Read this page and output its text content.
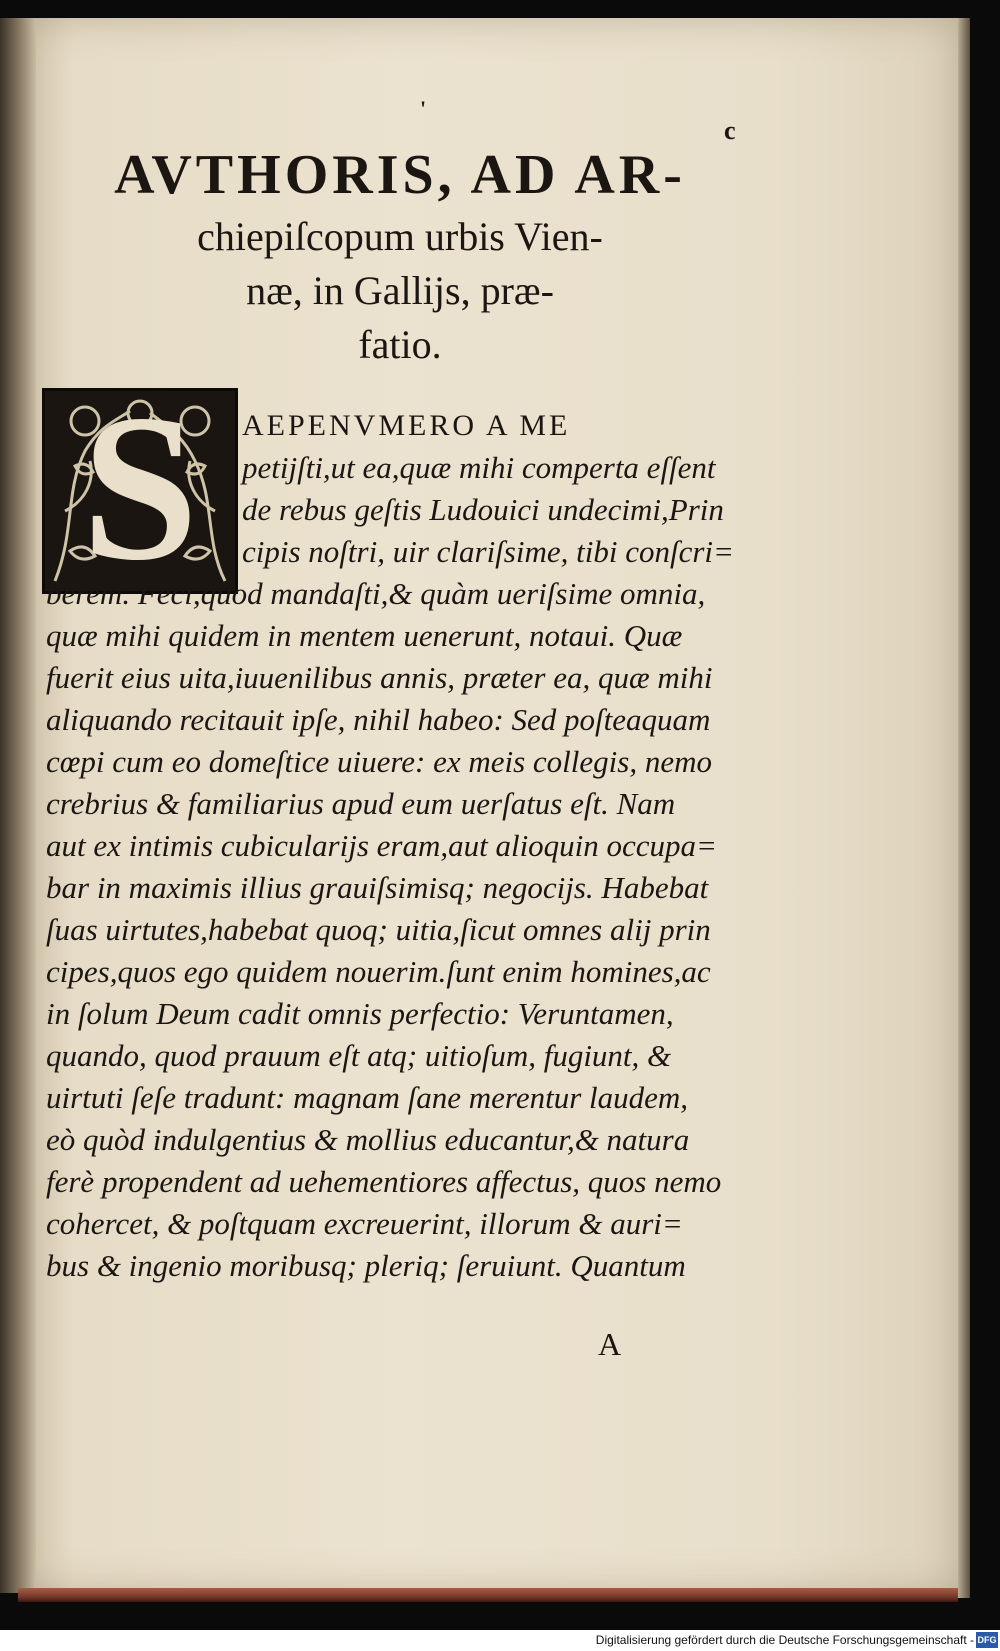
'
c
AVTHORIS, AD AR-
chiepiſcopum urbis Vien-
næ, in Gallijs, præ-
fatio.
S	AEPENVMERO A ME
petijſti,ut ea,quæ mihi comperta eſſent
de rebus geſtis Ludouici undecimi,Prin
cipis noſtri, uir clariſsime, tibi conſcri=
berem. Feci,quod mandaſti,& quàm ueriſsime omnia,
quæ mihi quidem in mentem uenerunt, notaui. Quæ
fuerit eius uita,iuuenilibus annis, præter ea, quæ mihi
aliquando recitauit ipſe, nihil habeo: Sed poſteaquam
cœpi cum eo domeſtice uiuere: ex meis collegis, nemo
crebrius & familiarius apud eum uerſatus eſt. Nam
aut ex intimis cubicularijs eram,aut alioquin occupa=
bar in maximis illius grauiſsimisq; negocijs. Habebat
ſuas uirtutes,habebat quoq; uitia,ſicut omnes alij prin
cipes,quos ego quidem nouerim.ſunt enim homines,ac
in ſolum Deum cadit omnis perfectio: Veruntamen,
quando, quod prauum eſt atq; uitioſum, fugiunt, &
uirtuti ſeſe tradunt: magnam ſane merentur laudem,
eò quòd indulgentius & mollius educantur,& natura
ferè propendent ad uehementiores affectus, quos nemo
cohercet, & poſtquam excreuerint, illorum & auri=
bus & ingenio moribusq; pleriq; ſeruiunt. Quantum
A
Digitalisierung gefördert durch die Deutsche Forschungsgemeinschaft - DFG
